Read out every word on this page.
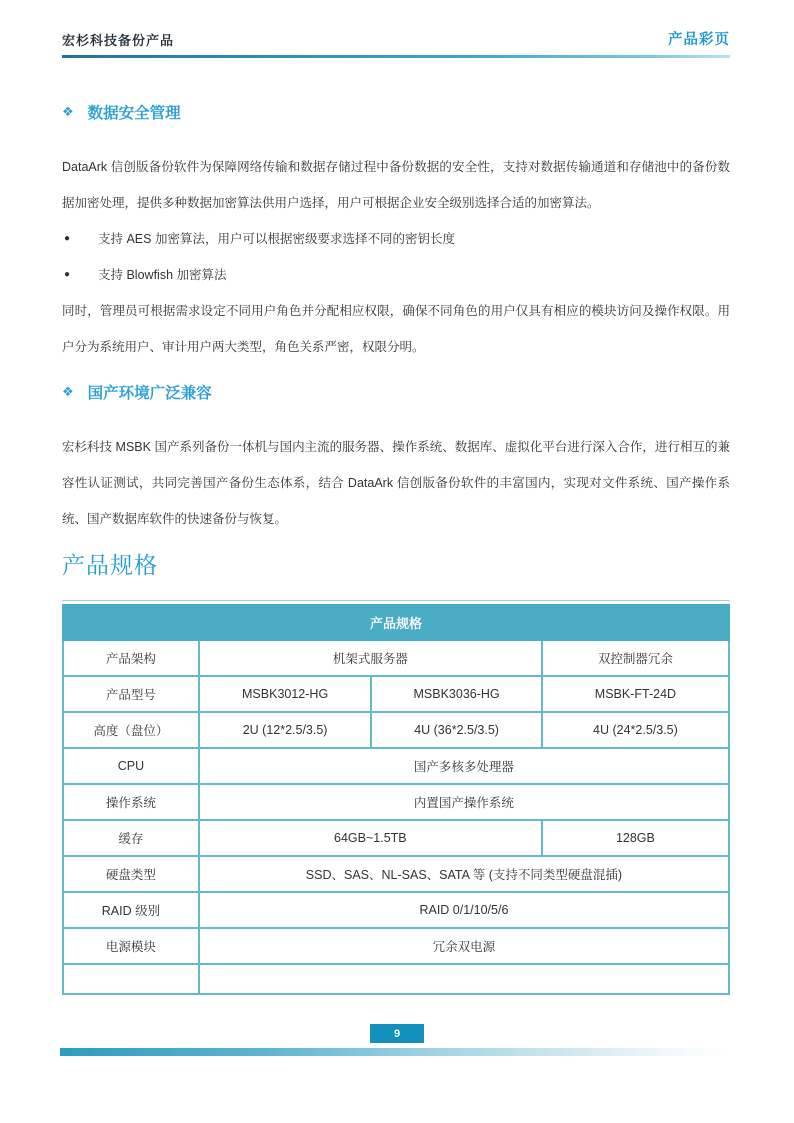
宏杉科技备份产品	产品彩页
❖ 数据安全管理

DataArk 信创版备份软件为保障网络传输和数据存储过程中备份数据的安全性，支持对数据传输通道和存储池中的备份数据加密处理，提供多种数据加密算法供用户选择，用户可根据企业安全级别选择合适的加密算法。

●	支持 AES 加密算法，用户可以根据密级要求选择不同的密钥长度
●	支持 Blowfish 加密算法

同时，管理员可根据需求设定不同用户角色并分配相应权限，确保不同角色的用户仅具有相应的模块访问及操作权限。用户分为系统用户、审计用户两大类型，角色关系严密，权限分明。

❖ 国产环境广泛兼容

宏杉科技 MSBK 国产系列备份一体机与国内主流的服务器、操作系统、数据库、虚拟化平台进行深入合作，进行相互的兼容性认证测试，共同完善国产备份生态体系，结合 DataArk 信创版备份软件的丰富国内，实现对文件系统、国产操作系统、国产数据库软件的快速备份与恢复。

产品规格
产品规格			
产品架构	机架式服务器		双控制器冗余
产品型号	MSBK3012-HG	MSBK3036-HG	MSBK-FT-24D
高度（盘位）	2U (12*2.5/3.5)	4U (36*2.5/3.5)	4U (24*2.5/3.5)
CPU	国产多核多处理器		
操作系统	内置国产操作系统		
缓存	64GB~1.5TB		128GB
硬盘类型	SSD、SAS、NL-SAS、SATA 等 (支持不同类型硬盘混插)		
RAID 级别	RAID 0/1/10/5/6		
电源模块	冗余双电源		

9
